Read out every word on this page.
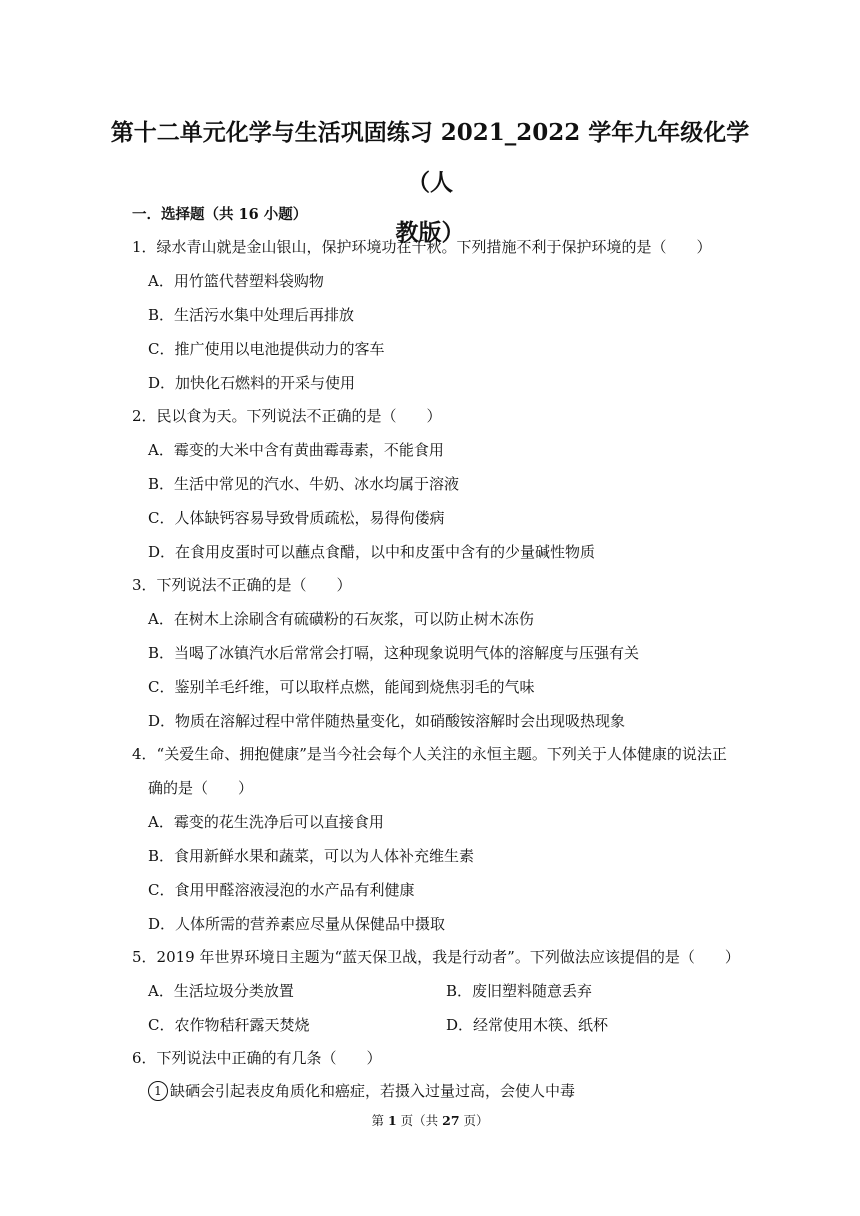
第十二单元化学与生活巩固练习 2021_2022 学年九年级化学（人
教版）
一．选择题（共 16 小题）
1．绿水青山就是金山银山，保护环境功在千秋。下列措施不利于保护环境的是（　　）
A．用竹篮代替塑料袋购物
B．生活污水集中处理后再排放
C．推广使用以电池提供动力的客车
D．加快化石燃料的开采与使用
2．民以食为天。下列说法不正确的是（　　）
A．霉变的大米中含有黄曲霉毒素，不能食用
B．生活中常见的汽水、牛奶、冰水均属于溶液
C．人体缺钙容易导致骨质疏松，易得佝偻病
D．在食用皮蛋时可以蘸点食醋，以中和皮蛋中含有的少量碱性物质
3．下列说法不正确的是（　　）
A．在树木上涂刷含有硫磺粉的石灰浆，可以防止树木冻伤
B．当喝了冰镇汽水后常常会打嗝，这种现象说明气体的溶解度与压强有关
C．鉴别羊毛纤维，可以取样点燃，能闻到烧焦羽毛的气味
D．物质在溶解过程中常伴随热量变化，如硝酸铵溶解时会出现吸热现象
4．“关爱生命、拥抱健康”是当今社会每个人关注的永恒主题。下列关于人体健康的说法正
确的是（　　）
A．霉变的花生洗净后可以直接食用
B．食用新鲜水果和蔬菜，可以为人体补充维生素
C．食用甲醛溶液浸泡的水产品有利健康
D．人体所需的营养素应尽量从保健品中摄取
5．2019 年世界环境日主题为“蓝天保卫战，我是行动者”。下列做法应该提倡的是（　　）
A．生活垃圾分类放置	B．废旧塑料随意丢弃
C．农作物秸秆露天焚烧	D．经常使用木筷、纸杯
6．下列说法中正确的有几条（　　）
1 缺硒会引起表皮角质化和癌症，若摄入过量过高，会使人中毒
第 1 页（共 27 页）
